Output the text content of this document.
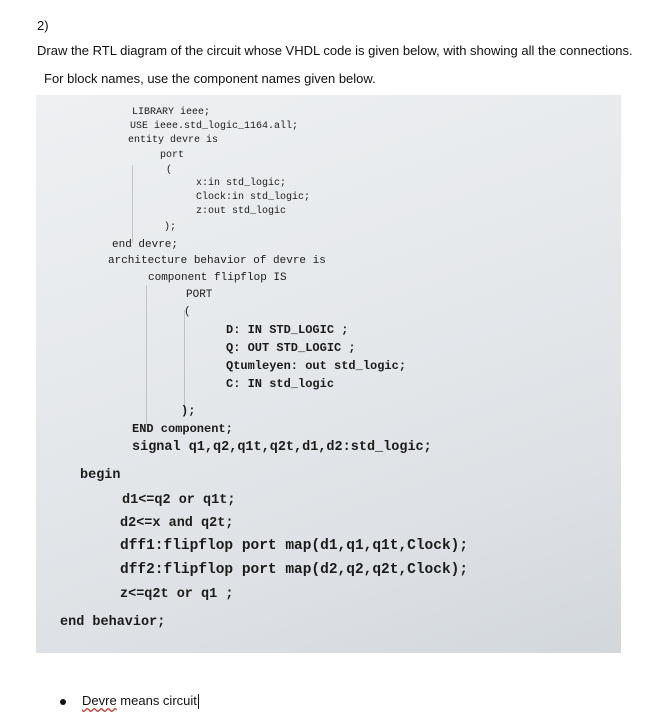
2)
Draw the RTL diagram of the circuit whose VHDL code is given below, with showing all the connections.
For block names, use the component names given below.
LIBRARY ieee;
USE ieee.std_logic_1164.all;
entity devre is
port
(
x:in std_logic;
Clock:in std_logic;
z:out std_logic
);
end devre;
architecture behavior of devre is
component flipflop IS
PORT
(
D: IN STD_LOGIC ;
Q: OUT STD_LOGIC ;
Qtumleyen: out std_logic;
C: IN std_logic
);
END component;
signal q1,q2,q1t,q2t,d1,d2:std_logic;
begin
d1<=q2 or q1t;
d2<=x and q2t;
dff1:flipflop port map(d1,q1,q1t,Clock);
dff2:flipflop port map(d2,q2,q2t,Clock);
z<=q2t or q1 ;
end behavior;
Devre means circuit
